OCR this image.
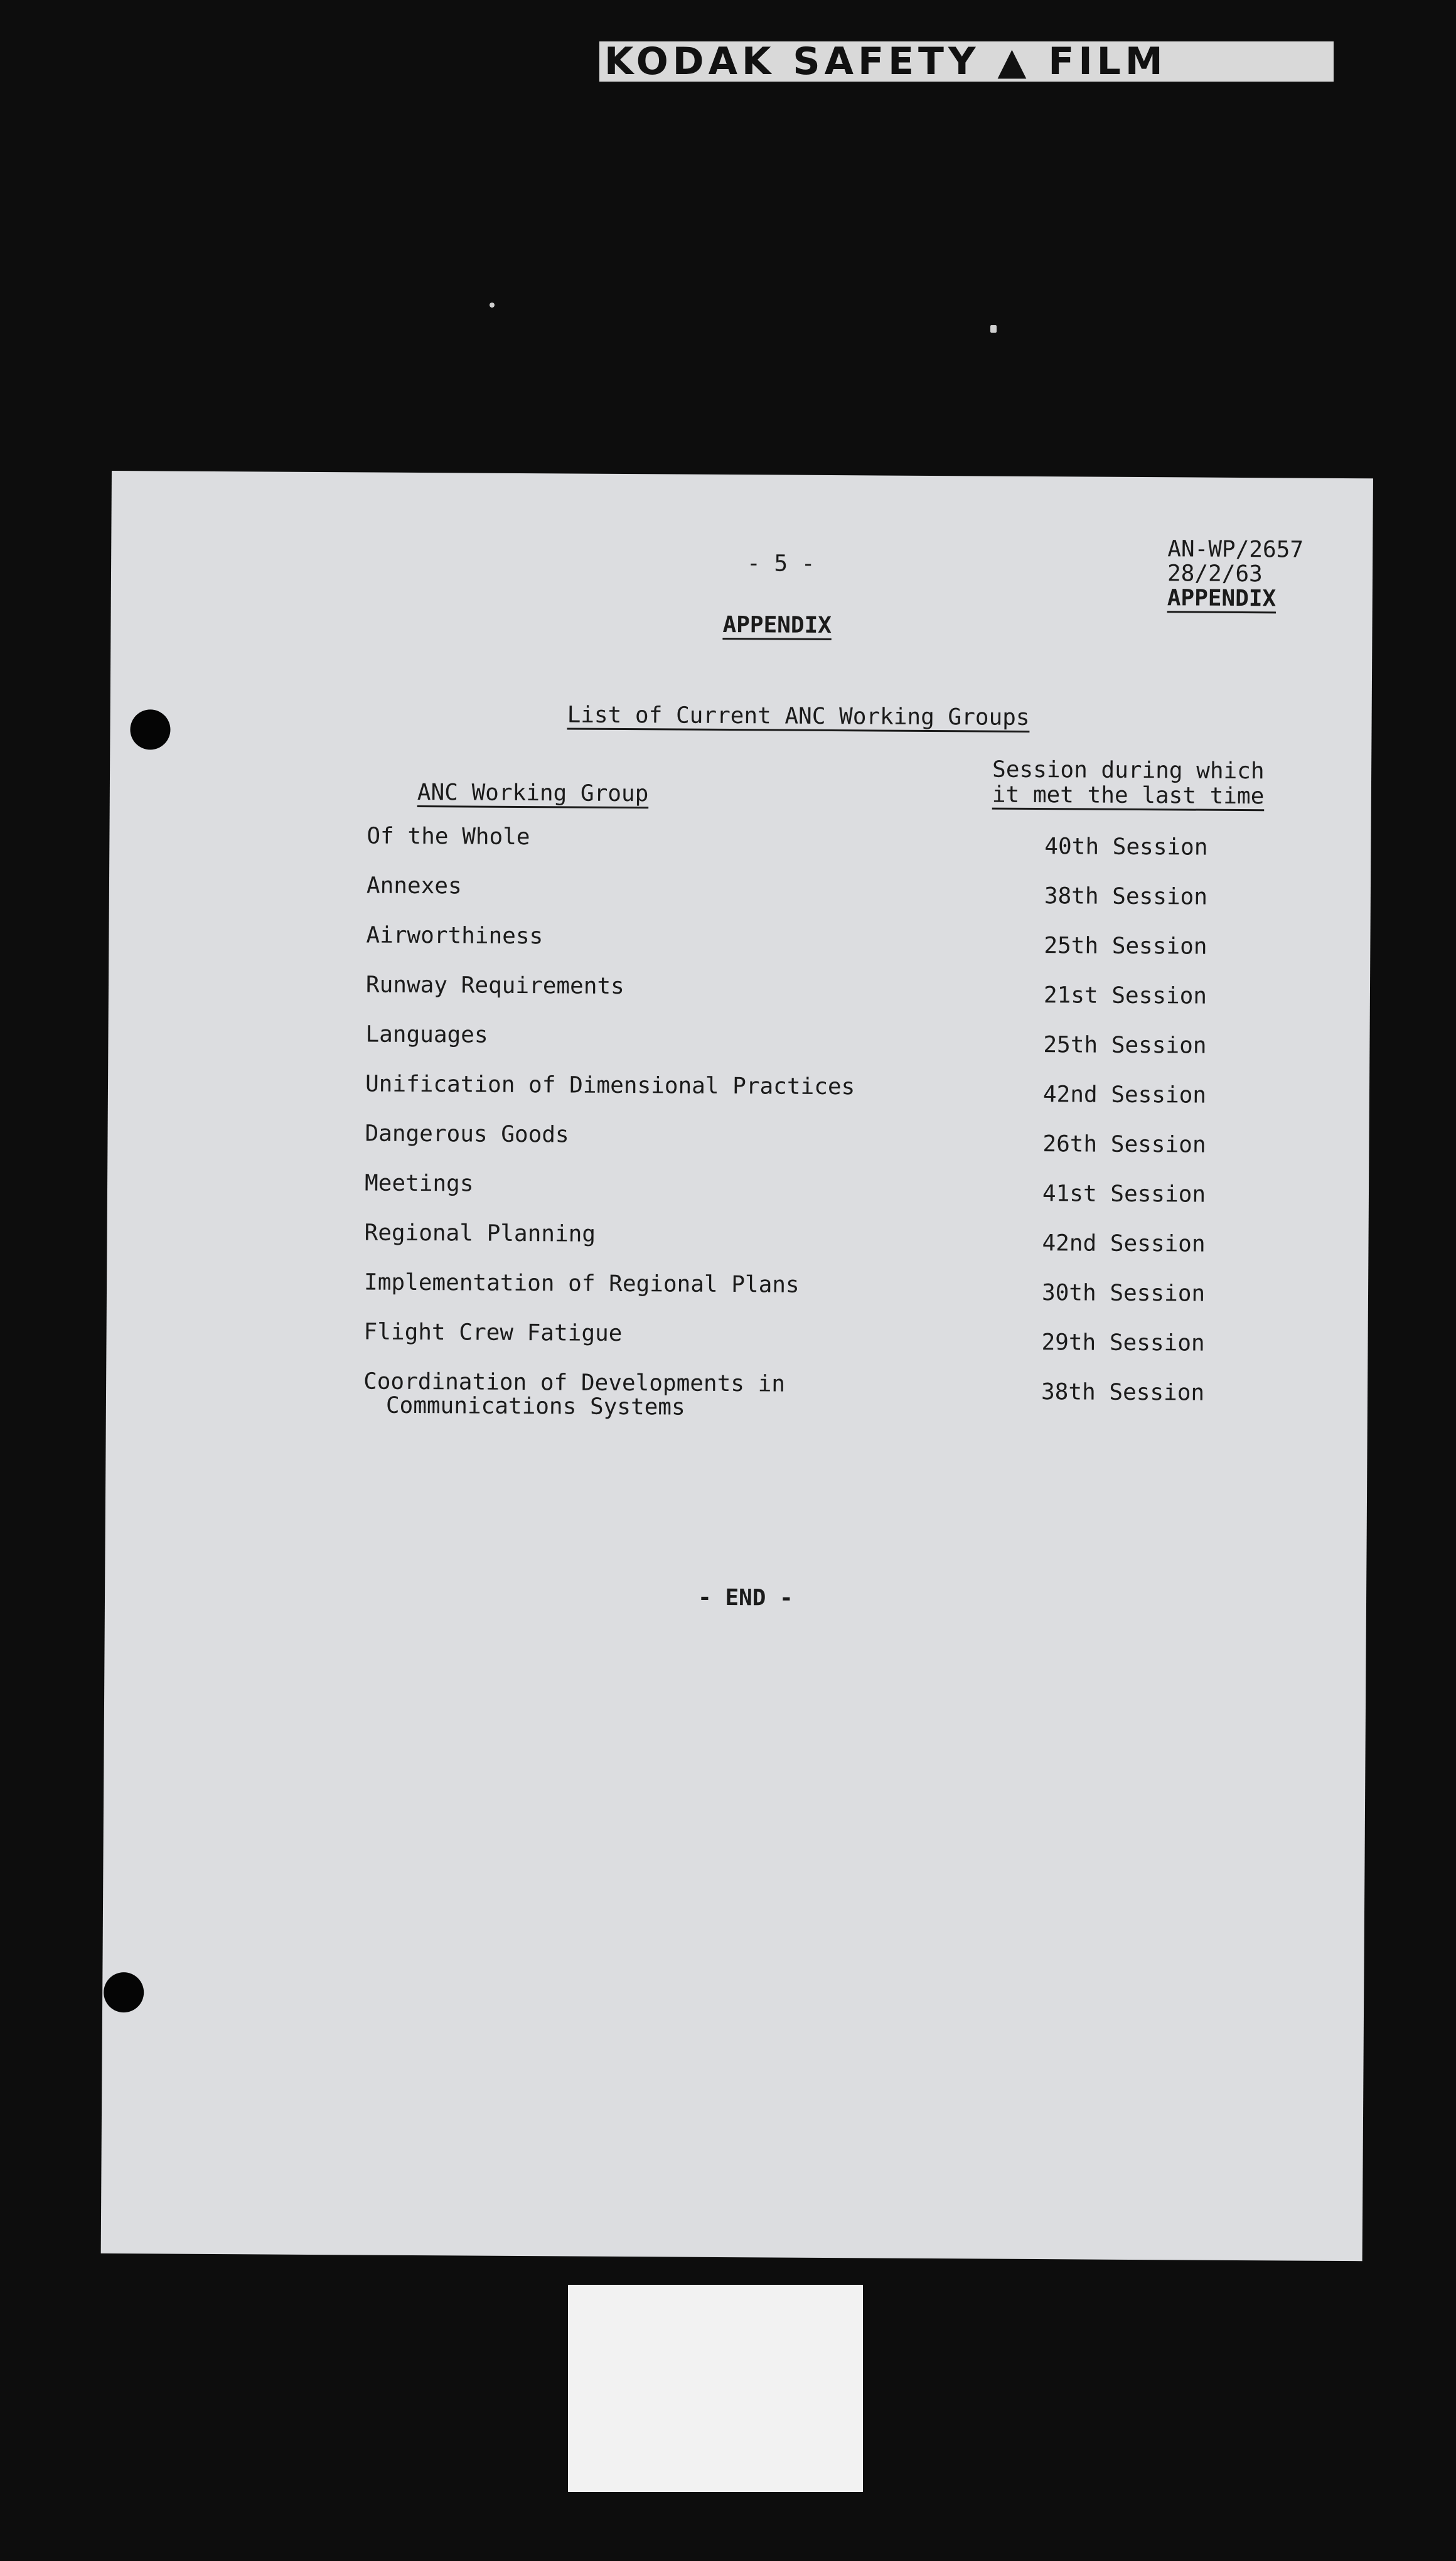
KODAK SAFETY ▲ FILM
- 5 -
AN-WP/2657
28/2/63
APPENDIX
APPENDIX
List of Current ANC Working Groups
ANC Working Group
Session during which
it met the last time
Of the Whole	40th Session
Annexes	38th Session
Airworthiness	25th Session
Runway Requirements	21st Session
Languages	25th Session
Unification of Dimensional Practices	42nd Session
Dangerous Goods	26th Session
Meetings	41st Session
Regional Planning	42nd Session
Implementation of Regional Plans	30th Session
Flight Crew Fatigue	29th Session
Coordination of Developments in
Communications Systems
38th Session
- END -
